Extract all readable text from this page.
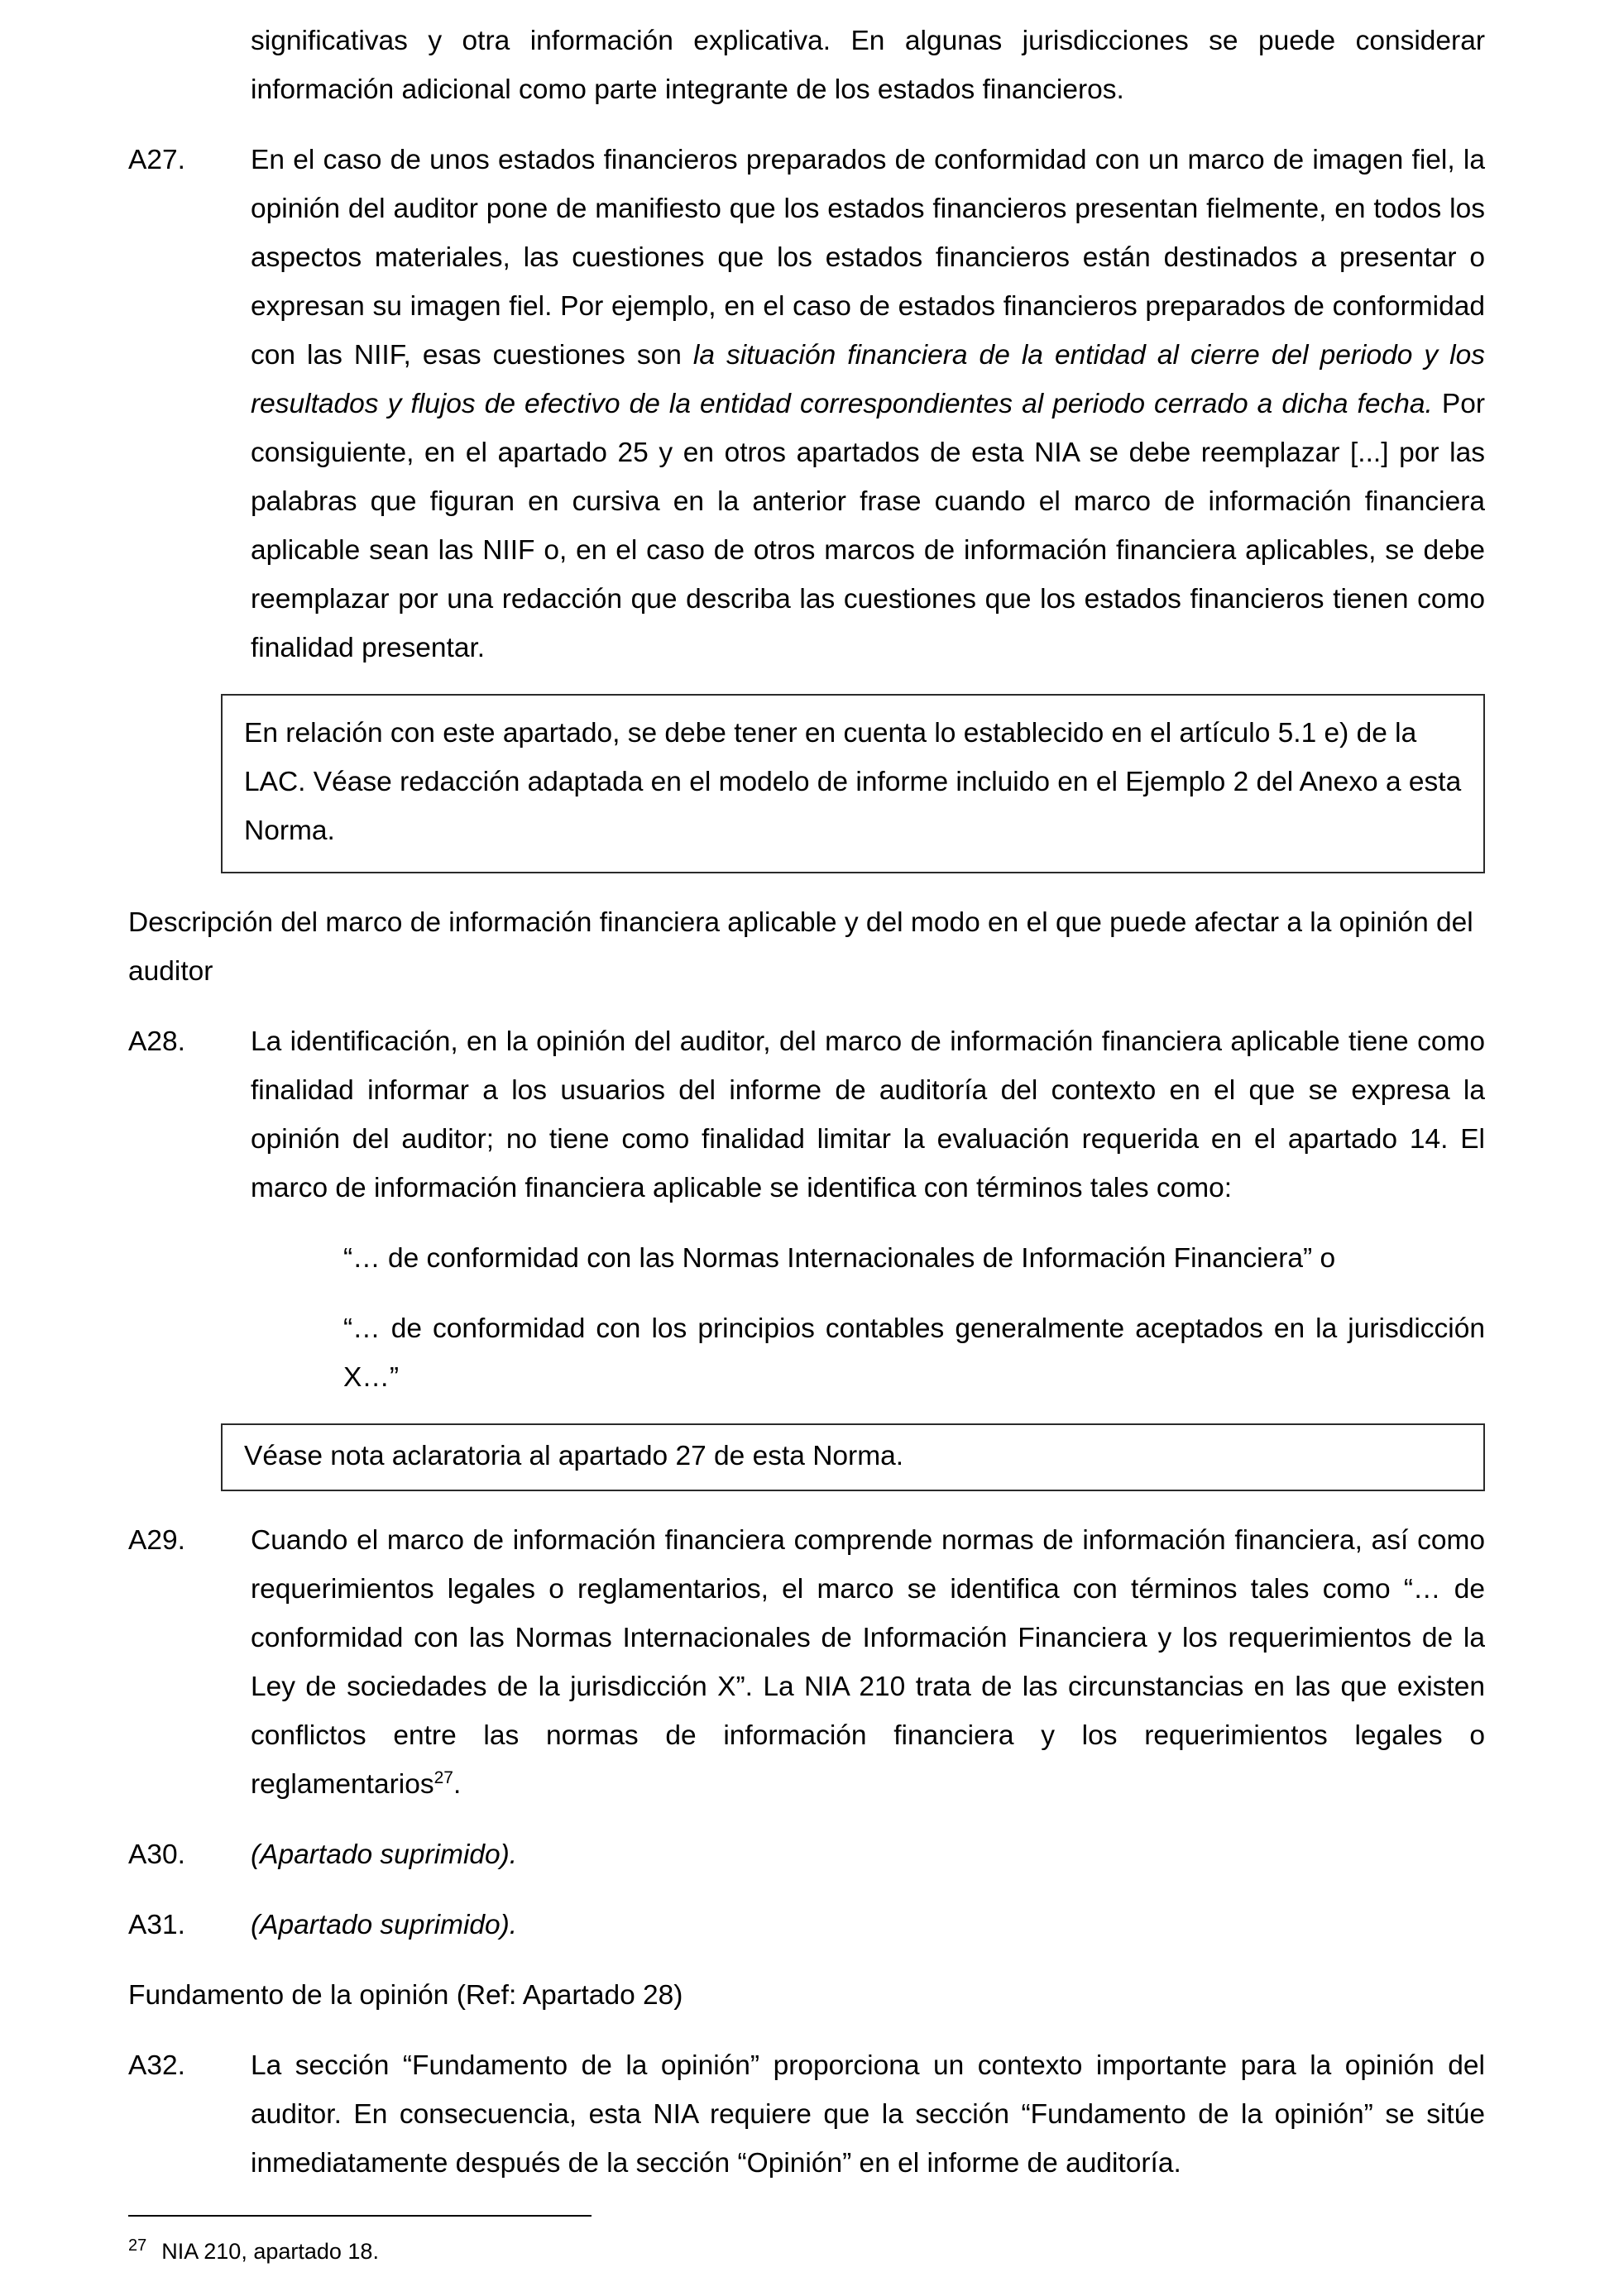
significativas y otra información explicativa. En algunas jurisdicciones se puede considerar información adicional como parte integrante de los estados financieros.

A27.	En el caso de unos estados financieros preparados de conformidad con un marco de imagen fiel, la opinión del auditor pone de manifiesto que los estados financieros presentan fielmente, en todos los aspectos materiales, las cuestiones que los estados financieros están destinados a presentar o expresan su imagen fiel. Por ejemplo, en el caso de estados financieros preparados de conformidad con las NIIF, esas cuestiones son la situación financiera de la entidad al cierre del periodo y los resultados y flujos de efectivo de la entidad correspondientes al periodo cerrado a dicha fecha. Por consiguiente, en el apartado 25 y en otros apartados de esta NIA se debe reemplazar [...] por las palabras que figuran en cursiva en la anterior frase cuando el marco de información financiera aplicable sean las NIIF o, en el caso de otros marcos de información financiera aplicables, se debe reemplazar por una redacción que describa las cuestiones que los estados financieros tienen como finalidad presentar.

En relación con este apartado, se debe tener en cuenta lo establecido en el artículo 5.1 e) de la LAC. Véase redacción adaptada en el modelo de informe incluido en el Ejemplo 2 del Anexo a esta Norma.

Descripción del marco de información financiera aplicable y del modo en el que puede afectar a la opinión del auditor

A28.	La identificación, en la opinión del auditor, del marco de información financiera aplicable tiene como finalidad informar a los usuarios del informe de auditoría del contexto en el que se expresa la opinión del auditor; no tiene como finalidad limitar la evaluación requerida en el apartado 14. El marco de información financiera aplicable se identifica con términos tales como:

“… de conformidad con las Normas Internacionales de Información Financiera” o

“… de conformidad con los principios contables generalmente aceptados en la jurisdicción X…”

Véase nota aclaratoria al apartado 27 de esta Norma.

A29.	Cuando el marco de información financiera comprende normas de información financiera, así como requerimientos legales o reglamentarios, el marco se identifica con términos tales como “… de conformidad con las Normas Internacionales de Información Financiera y los requerimientos de la Ley de sociedades de la jurisdicción X”. La NIA 210 trata de las circunstancias en las que existen conflictos entre las normas de información financiera y los requerimientos legales o reglamentarios$^{27}$.
A30.	(Apartado suprimido).
A31.	(Apartado suprimido).

Fundamento de la opinión (Ref: Apartado 28)

A32.	La sección “Fundamento de la opinión” proporciona un contexto importante para la opinión del auditor. En consecuencia, esta NIA requiere que la sección “Fundamento de la opinión” se sitúe inmediatamente después de la sección “Opinión” en el informe de auditoría.

$^{27}$ NIA 210, apartado 18.
